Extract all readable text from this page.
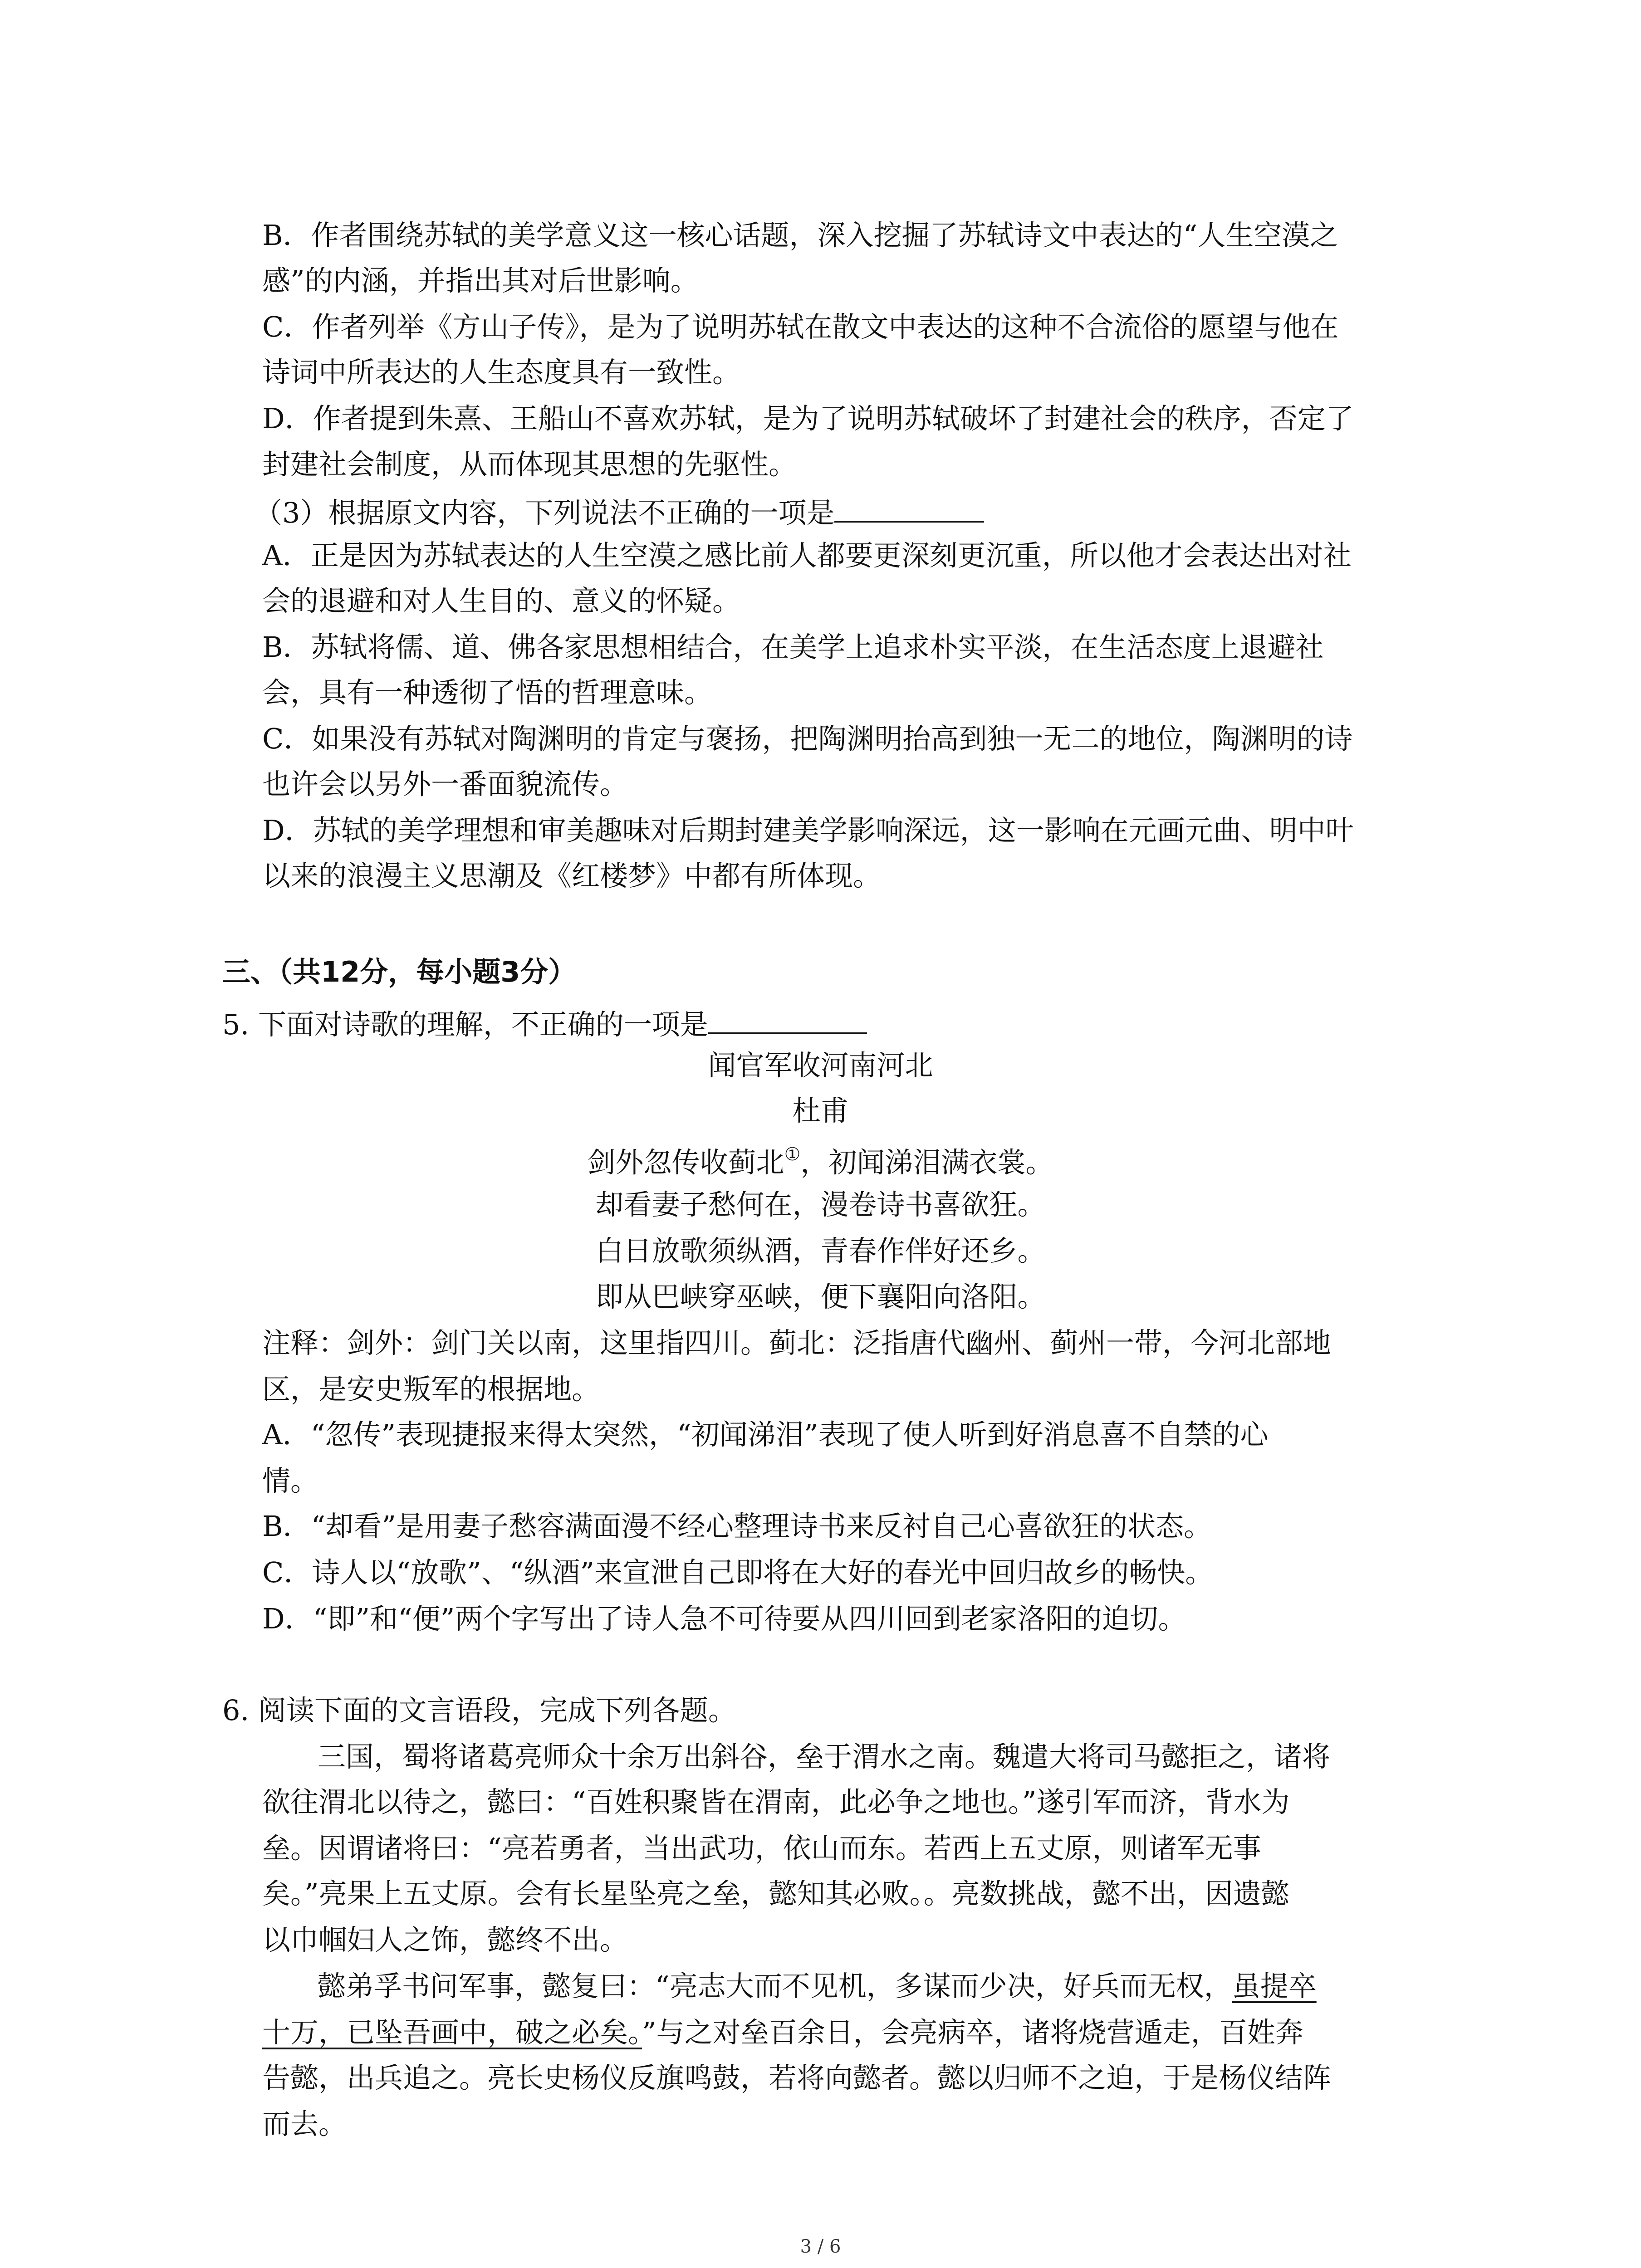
B．作者围绕苏轼的美学意义这一核心话题，深入挖掘了苏轼诗文中表达的“人生空漠之

感”的内涵，并指出其对后世影响。

C．作者列举《方山子传》，是为了说明苏轼在散文中表达的这种不合流俗的愿望与他在

诗词中所表达的人生态度具有一致性。

D．作者提到朱熹、王船山不喜欢苏轼，是为了说明苏轼破坏了封建社会的秩序，否定了

封建社会制度，从而体现其思想的先驱性。

（3）根据原文内容，下列说法不正确的一项是

A．正是因为苏轼表达的人生空漠之感比前人都要更深刻更沉重，所以他才会表达出对社

会的退避和对人生目的、意义的怀疑。

B．苏轼将儒、道、佛各家思想相结合，在美学上追求朴实平淡，在生活态度上退避社

会，具有一种透彻了悟的哲理意味。

C．如果没有苏轼对陶渊明的肯定与褒扬，把陶渊明抬高到独一无二的地位，陶渊明的诗

也许会以另外一番面貌流传。

D．苏轼的美学理想和审美趣味对后期封建美学影响深远，这一影响在元画元曲、明中叶

以来的浪漫主义思潮及《红楼梦》中都有所体现。

三、（共12分，每小题3分）

5. 下面对诗歌的理解，不正确的一项是

闻官军收河南河北

杜甫

剑外忽传收蓟北①，初闻涕泪满衣裳。

却看妻子愁何在，漫卷诗书喜欲狂。

白日放歌须纵酒，青春作伴好还乡。

即从巴峡穿巫峡，便下襄阳向洛阳。

注释：剑外：剑门关以南，这里指四川。蓟北：泛指唐代幽州、蓟州一带，今河北部地

区，是安史叛军的根据地。

A．“忽传”表现捷报来得太突然，“初闻涕泪”表现了使人听到好消息喜不自禁的心

情。

B．“却看”是用妻子愁容满面漫不经心整理诗书来反衬自己心喜欲狂的状态。

C．诗人以“放歌”、“纵酒”来宣泄自己即将在大好的春光中回归故乡的畅快。

D．“即”和“便”两个字写出了诗人急不可待要从四川回到老家洛阳的迫切。

6. 阅读下面的文言语段，完成下列各题。

三国，蜀将诸葛亮师众十余万出斜谷，垒于渭水之南。魏遣大将司马懿拒之，诸将

欲往渭北以待之，懿曰：“百姓积聚皆在渭南，此必争之地也。”遂引军而济，背水为

垒。因谓诸将曰：“亮若勇者，当出武功，依山而东。若西上五丈原，则诸军无事

矣。”亮果上五丈原。会有长星坠亮之垒，懿知其必败。。亮数挑战，懿不出，因遗懿

以巾帼妇人之饰，懿终不出。

懿弟孚书问军事，懿复曰：“亮志大而不见机，多谋而少决，好兵而无权，虽提卒

十万，已坠吾画中，破之必矣。”与之对垒百余日，会亮病卒，诸将烧营遁走，百姓奔

告懿，出兵追之。亮长史杨仪反旗鸣鼓，若将向懿者。懿以归师不之迫，于是杨仪结阵

而去。

3 / 6
